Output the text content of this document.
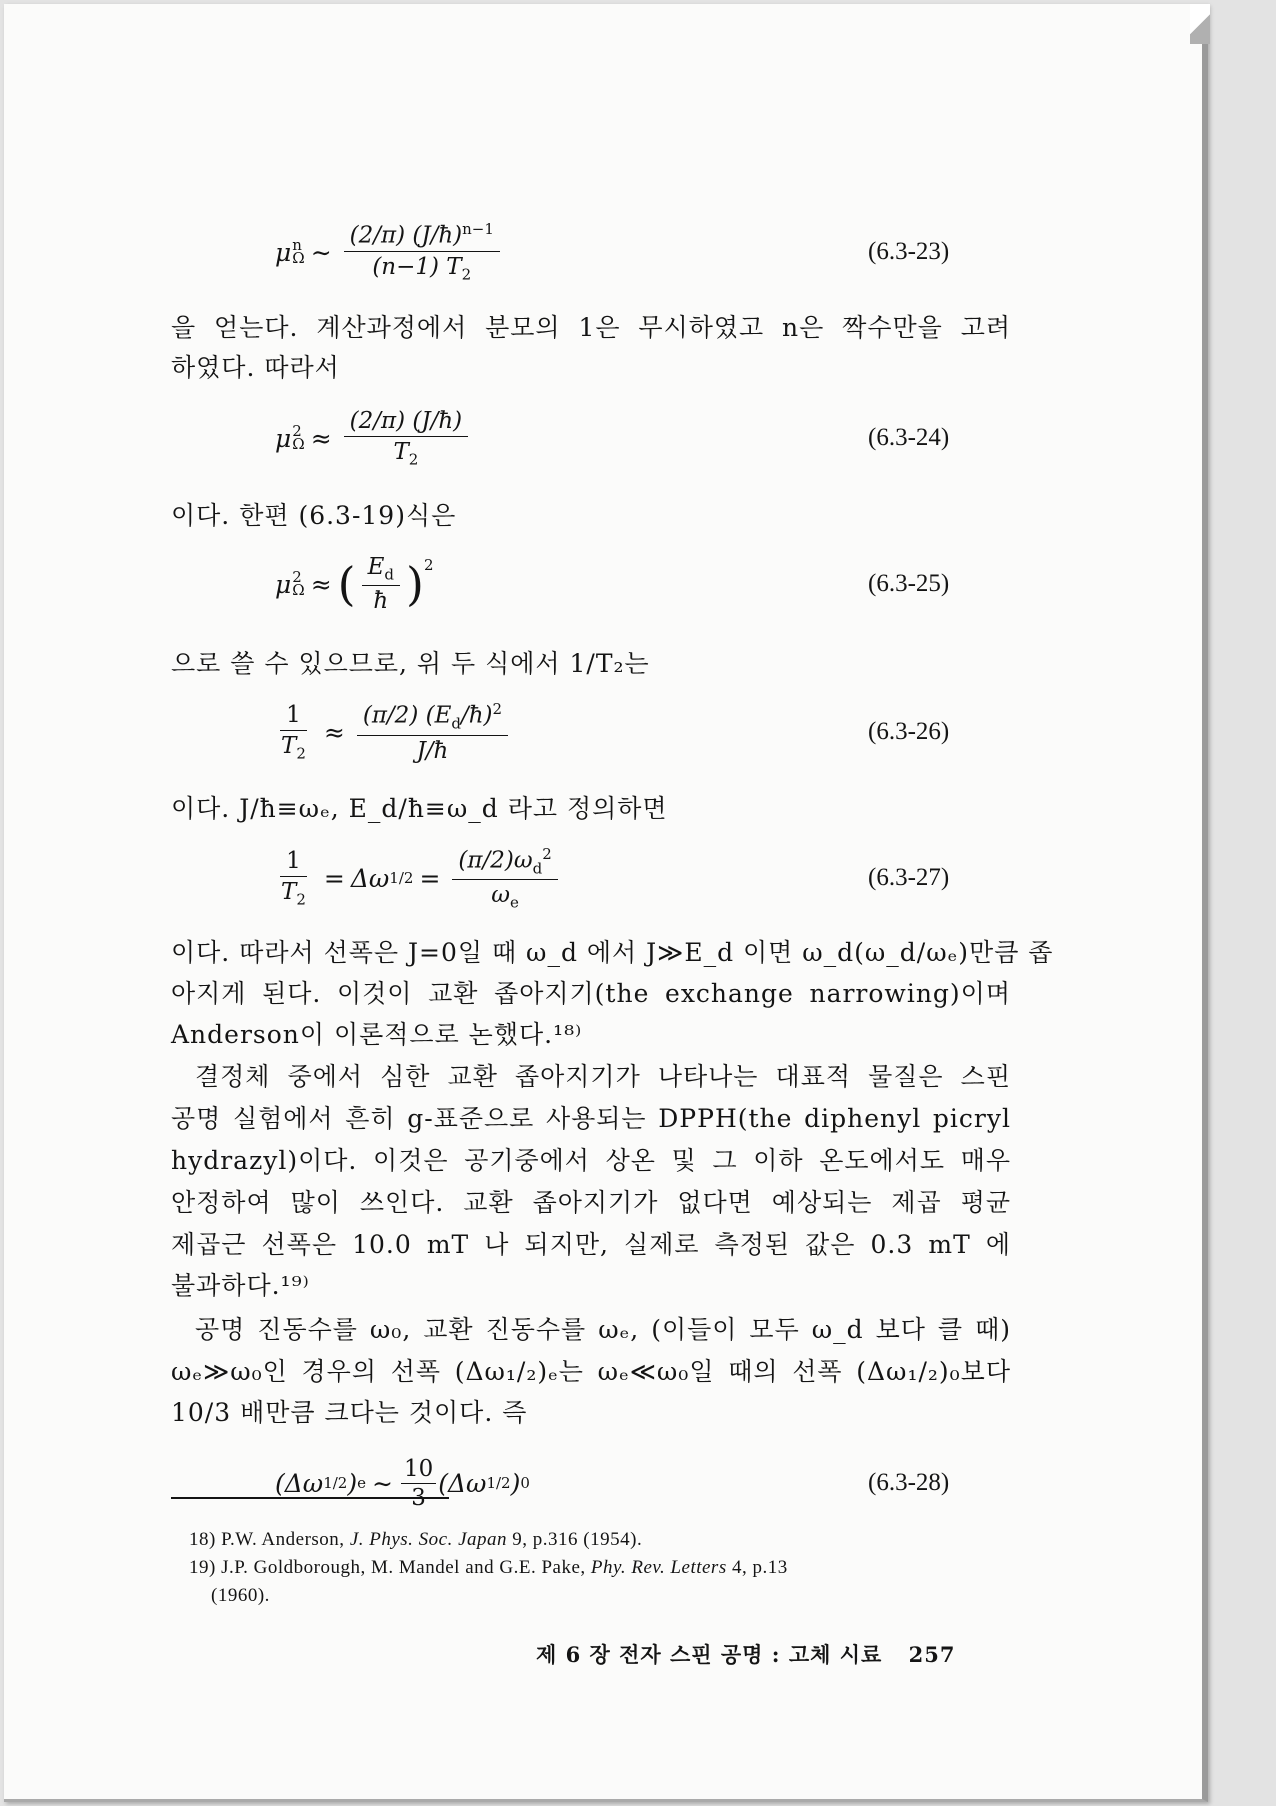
μ n
Ω ∼ $\frac{(2/\pi) (J/ħ)^{n-1}}{(n-1) T_2}$	(6.3-23)
을 얻는다. 계산과정에서 분모의 1은 무시하였고 n은 짝수만을 고려
하였다. 따라서
μ 2
$\Omega \approx \frac{(2/\pi) (J/ħ)}{T_2}$	(6.3-24)
이다. 한편 (6.3-19)식은
μ 2
Ω ≈ ( $\frac{E_d}{ħ}$ ) 2
(6.3-25)
으로 쓸 수 있으므로, 위 두 식에서 1/T₂는
$\frac{1}{T_2} \approx \frac{(\pi/2) (E_d/ħ)^2}{J/ħ}$	(6.3-26)
이다. J/ħ≡ωₑ, E_d/ħ≡ω_d 라고 정의하면
$\frac{1}{T_2} = \Delta\omega$ $1/2 = \frac{(\pi/2)\omega_d^2}{\omega_e}$	(6.3-27)
이다. 따라서 선폭은 J=0일 때 ω_d 에서 J≫E_d 이면 ω_d(ω_d/ωₑ)만큼 좁
아지게 된다. 이것이 교환 좁아지기(the exchange narrowing)이며
Anderson이 이론적으로 논했다.¹⁸⁾
결정체 중에서 심한 교환 좁아지기가 나타나는 대표적 물질은 스핀
공명 실험에서 흔히 g-표준으로 사용되는 DPPH(the diphenyl picryl
hydrazyl)이다. 이것은 공기중에서 상온 및 그 이하 온도에서도 매우
안정하여 많이 쓰인다. 교환 좁아지기가 없다면 예상되는 제곱 평균
제곱근 선폭은 10.0 mT 나 되지만, 실제로 측정된 값은 0.3 mT 에
불과하다.¹⁹⁾
공명 진동수를 ω₀, 교환 진동수를 ωₑ, (이들이 모두 ω_d 보다 클 때)
ωₑ≫ω₀인 경우의 선폭 (Δω₁/₂)ₑ는 ωₑ≪ω₀일 때의 선폭 (Δω₁/₂)₀보다
10/3 배만큼 크다는 것이다. 즉
(Δω 1/2 ) e ∼ $\frac{10}{3} (\Delta\omega$ 1/2 ) 0	(6.3-28)
18) P.W. Anderson, J. Phys. Soc. Japan 9, p.316 (1954).
19) J.P. Goldborough, M. Mandel and G.E. Pake, Phy. Rev. Letters 4, p.13
(1960).
제 6 장 전자 스핀 공명 : 고체 시료 257
